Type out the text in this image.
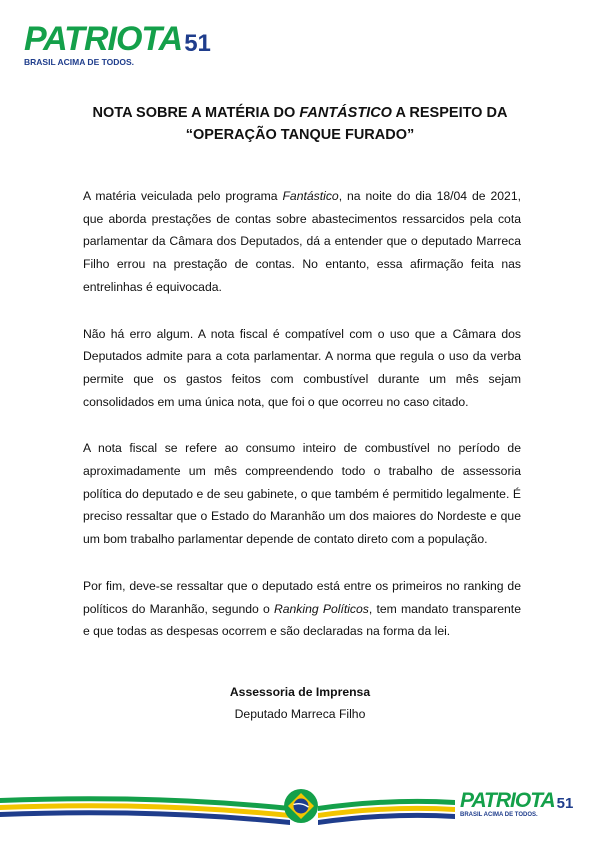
PATRIOTA 51
BRASIL ACIMA DE TODOS.
NOTA SOBRE A MATÉRIA DO FANTÁSTICO A RESPEITO DA
“OPERAÇÃO TANQUE FURADO”

A matéria veiculada pelo programa Fantástico, na noite do dia 18/04 de 2021, que aborda prestações de contas sobre abastecimentos ressarcidos pela cota parlamentar da Câmara dos Deputados, dá a entender que o deputado Marreca Filho errou na prestação de contas. No entanto, essa afirmação feita nas entrelinhas é equivocada.

Não há erro algum. A nota fiscal é compatível com o uso que a Câmara dos Deputados admite para a cota parlamentar. A norma que regula o uso da verba permite que os gastos feitos com combustível durante um mês sejam consolidados em uma única nota, que foi o que ocorreu no caso citado.

A nota fiscal se refere ao consumo inteiro de combustível no período de aproximadamente um mês compreendendo todo o trabalho de assessoria política do deputado e de seu gabinete, o que também é permitido legalmente. É preciso ressaltar que o Estado do Maranhão um dos maiores do Nordeste e que um bom trabalho parlamentar depende de contato direto com a população.

Por fim, deve-se ressaltar que o deputado está entre os primeiros no ranking de políticos do Maranhão, segundo o Ranking Políticos, tem mandato transparente e que todas as despesas ocorrem e são declaradas na forma da lei.

Assessoria de Imprensa
Deputado Marreca Filho
PATRIOTA 51
BRASIL ACIMA DE TODOS.
